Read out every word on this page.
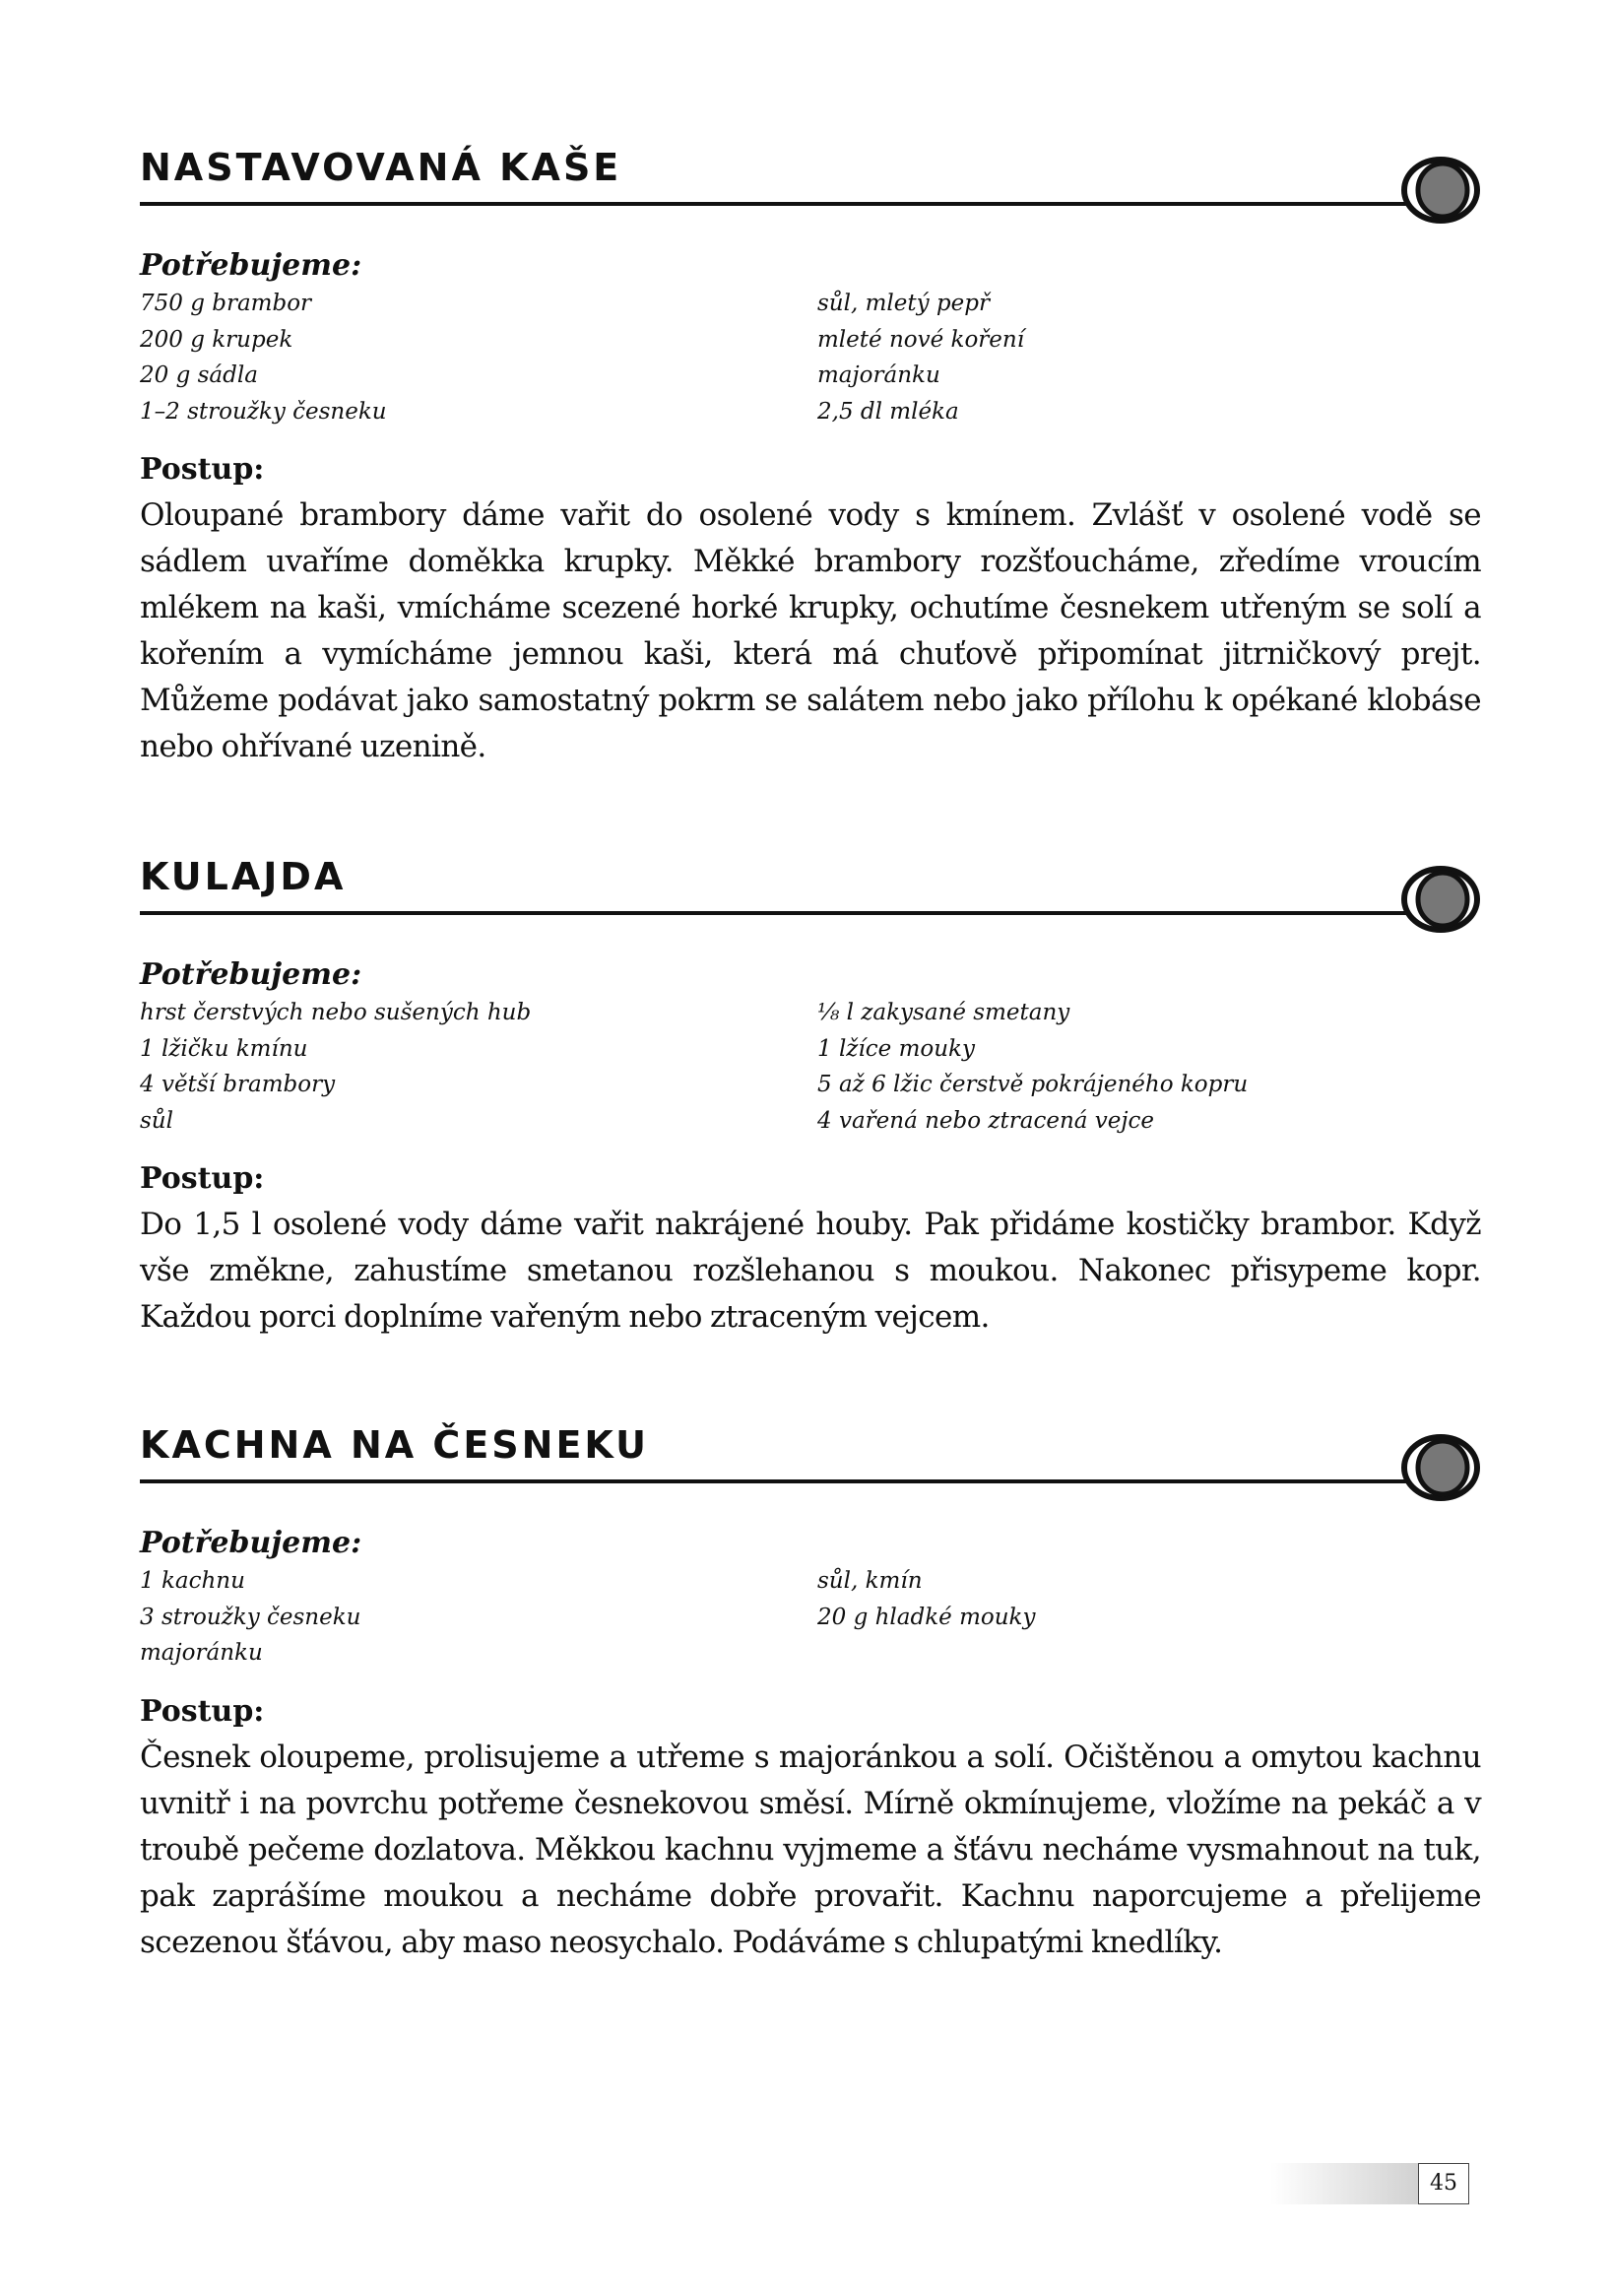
NASTAVOVANÁ KAŠE
Potřebujeme:
750 g brambor
200 g krupek
20 g sádla
1–2 stroužky česneku
sůl, mletý pepř
mleté nové koření
majoránku
2,5 dl mléka
Postup:

Oloupané brambory dáme vařit do osolené vody s kmínem. Zvlášť v osolené vodě se sádlem uvaříme doměkka krupky. Měkké brambory rozšťoucháme, zředíme vroucím mlékem na kaši, vmícháme scezené horké krupky, ochutíme česnekem utřeným se solí a kořením a vymícháme jemnou kaši, která má chuťově připomínat jitrničkový prejt. Můžeme podávat jako samostatný pokrm se salátem nebo jako přílohu k opékané klobáse nebo ohřívané uzenině.

KULAJDA
Potřebujeme:
hrst čerstvých nebo sušených hub
1 lžičku kmínu
4 větší brambory
sůl
⅛ l zakysané smetany
1 lžíce mouky
5 až 6 lžic čerstvě pokrájeného kopru
4 vařená nebo ztracená vejce
Postup:

Do 1,5 l osolené vody dáme vařit nakrájené houby. Pak přidáme kostičky brambor. Když vše změkne, zahustíme smetanou rozšlehanou s moukou. Nakonec přisypeme kopr. Každou porci doplníme vařeným nebo ztraceným vejcem.

KACHNA NA ČESNEKU
Potřebujeme:
1 kachnu
3 stroužky česneku
majoránku
sůl, kmín
20 g hladké mouky
Postup:

Česnek oloupeme, prolisujeme a utřeme s majoránkou a solí. Očištěnou a omytou kachnu uvnitř i na povrchu potřeme česnekovou směsí. Mírně okmínujeme, vložíme na pekáč a v troubě pečeme dozlatova. Měkkou kachnu vyjmeme a šťávu necháme vysmahnout na tuk, pak zaprášíme moukou a necháme dobře provařit. Kachnu naporcujeme a přelijeme scezenou šťávou, aby maso neosychalo. Podáváme s chlupatými knedlíky.

45
